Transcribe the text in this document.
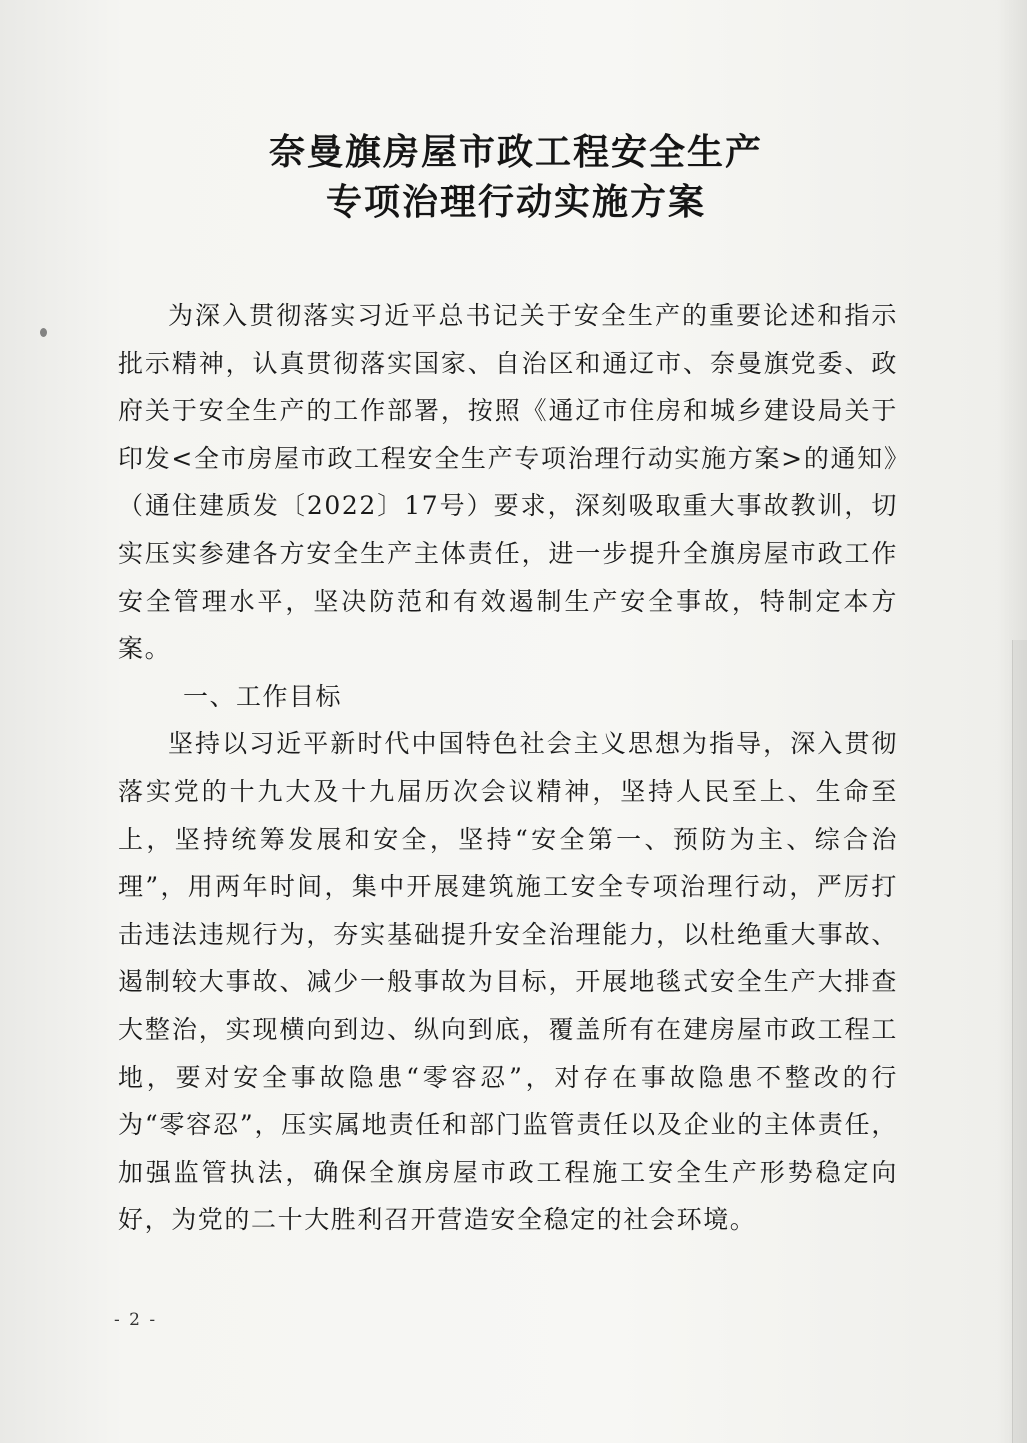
奈曼旗房屋市政工程安全生产
专项治理行动实施方案

为深入贯彻落实习近平总书记关于安全生产的重要论述和指示批示精神，认真贯彻落实国家、自治区和通辽市、奈曼旗党委、政府关于安全生产的工作部署，按照《通辽市住房和城乡建设局关于印发<全市房屋市政工程安全生产专项治理行动实施方案>的通知》（通住建质发〔2022〕17号）要求，深刻吸取重大事故教训，切实压实参建各方安全生产主体责任，进一步提升全旗房屋市政工作安全管理水平，坚决防范和有效遏制生产安全事故，特制定本方案。

一、工作目标

坚持以习近平新时代中国特色社会主义思想为指导，深入贯彻落实党的十九大及十九届历次会议精神，坚持人民至上、生命至上，坚持统筹发展和安全，坚持“安全第一、预防为主、综合治理”，用两年时间，集中开展建筑施工安全专项治理行动，严厉打击违法违规行为，夯实基础提升安全治理能力，以杜绝重大事故、遏制较大事故、减少一般事故为目标，开展地毯式安全生产大排查大整治，实现横向到边、纵向到底，覆盖所有在建房屋市政工程工地，要对安全事故隐患“零容忍”，对存在事故隐患不整改的行为“零容忍”，压实属地责任和部门监管责任以及企业的主体责任，加强监管执法，确保全旗房屋市政工程施工安全生产形势稳定向好，为党的二十大胜利召开营造安全稳定的社会环境。

- 2 -
